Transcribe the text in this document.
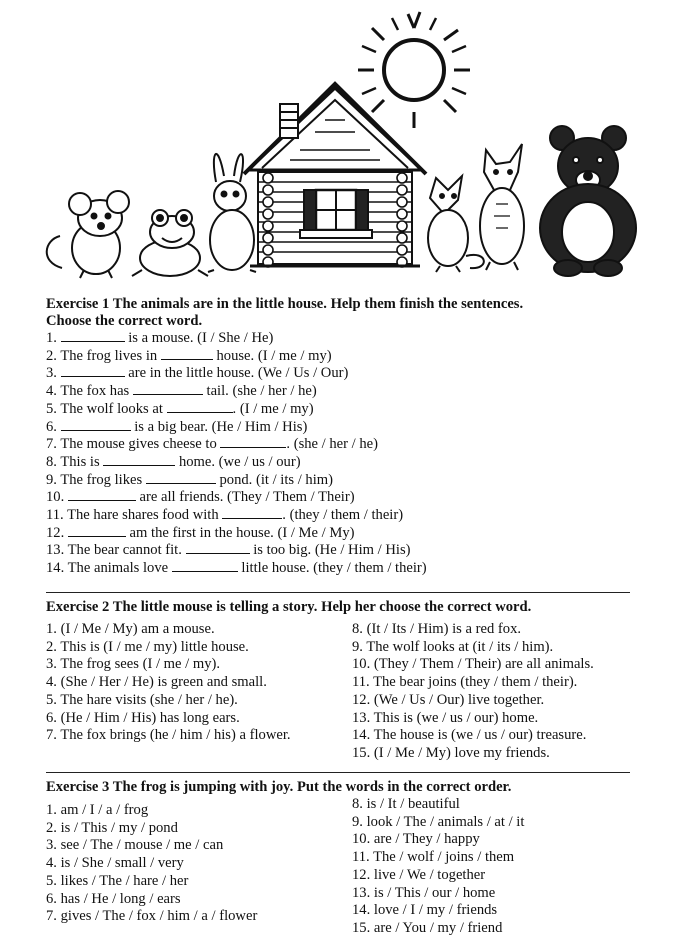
Exercise 1 The animals are in the little house. Help them finish the sentences.

Choose the correct word.

1.	is a mouse. (I / She / He)
2. The frog lives in	house. (I / me / my)
3.	are in the little house. (We / Us / Our)
4. The fox has	tail. (she / her / he)
5. The wolf looks at	. (I / me / my)
6.	is a big bear. (He / Him / His)
7. The mouse gives cheese to	. (she / her / he)
8. This is	home. (we / us / our)
9. The frog likes	pond. (it / its / him)
10.	are all friends. (They / Them / Their)
11. The hare shares food with	. (they / them / their)
12.	am the first in the house. (I / Me / My)
13. The bear cannot fit.	is too big. (He / Him / His)
14. The animals love	little house. (they / them / their)

Exercise 2 The little mouse is telling a story. Help her choose the correct word.

1. (I / Me / My) am a mouse.
2. This is (I / me / my) little house.
3. The frog sees (I / me / my).
4. (She / Her / He) is green and small.
5. The hare visits (she / her / he).
6. (He / Him / His) has long ears.
7. The fox brings (he / him / his) a flower.
8. (It / Its / Him) is a red fox.
9. The wolf looks at (it / its / him).
10. (They / Them / Their) are all animals.
11. The bear joins (they / them / their).
12. (We / Us / Our) live together.
13. This is (we / us / our) home.
14. The house is (we / us / our) treasure.
15. (I / Me / My) love my friends.

Exercise 3 The frog is jumping with joy. Put the words in the correct order.

1. am / I / a / frog
2. is / This / my / pond
3. see / The / mouse / me / can
4. is / She / small / very
5. likes / The / hare / her
6. has / He / long / ears
7. gives / The / fox / him / a / flower
8. is / It / beautiful
9. look / The / animals / at / it
10. are / They / happy
11. The / wolf / joins / them
12. live / We / together
13. is / This / our / home
14. love / I / my / friends
15. are / You / my / friend
